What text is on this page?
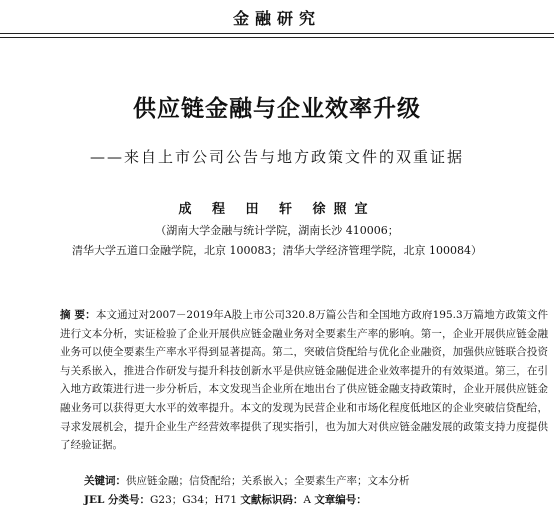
金融研究
供应链金融与企业效率升级
——来自上市公司公告与地方政策文件的双重证据
成 程 田 轩 徐照宜
（湖南大学金融与统计学院，湖南长沙 410006；
清华大学五道口金融学院，北京 100083；清华大学经济管理学院，北京 100084）
摘 要：本文通过对2007－2019年A股上市公司320.8万篇公告和全国地方政府195.3万篇地方政策文件进行文本分析，实证检验了企业开展供应链金融业务对全要素生产率的影响。第一，企业开展供应链金融业务可以使全要素生产率水平得到显著提高。第二，突破信贷配给与优化企业融资，加强供应链联合投资与关系嵌入，推进合作研发与提升科技创新水平是供应链金融促进企业效率提升的有效渠道。第三，在引入地方政策进行进一步分析后，本文发现当企业所在地出台了供应链金融支持政策时，企业开展供应链金融业务可以获得更大水平的效率提升。本文的发现为民营企业和市场化程度低地区的企业突破信贷配给，寻求发展机会，提升企业生产经营效率提供了现实指引，也为加大对供应链金融发展的政策支持力度提供了经验证据。
关键词：供应链金融；信贷配给；关系嵌入；全要素生产率；文本分析
JEL 分类号：G23；G34；H71 文献标识码：A 文章编号：
